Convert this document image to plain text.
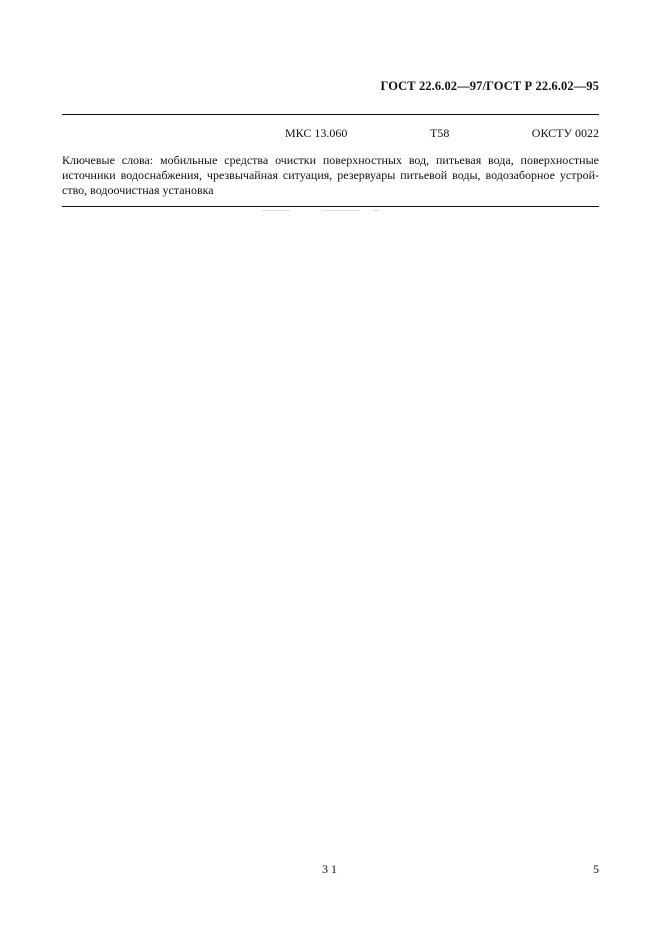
ГОСТ 22.6.02—97/ГОСТ Р 22.6.02—95
МКС 13.060	Т58	ОКСТУ 0022
Ключевые слова: мобильные средства очистки поверхностных вод, питьевая вода, поверхностные источники водоснабжения, чрезвычайная ситуация, резервуары питьевой воды, водозаборное устрой-ство, водоочистная установка
3 1	5
